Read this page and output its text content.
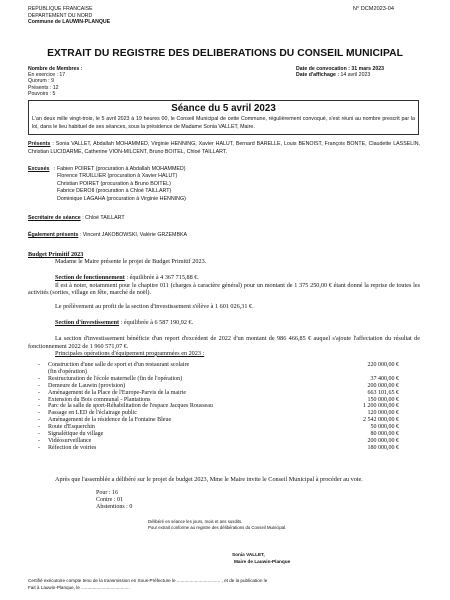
REPUBLIQUE FRANCAISE
DEPARTEMENT DU NORD
Commune de LAUWIN-PLANQUE
N° DCM2023-04
EXTRAIT DU REGISTRE DES DELIBERATIONS DU CONSEIL MUNICIPAL
Nombre de Membres :
En exercice : 17
Quorum : 9
Présents : 12
Pouvoirs : 5
Date de convocation : 31 mars 2023
Date d'affichage : 14 avril 2023
Séance du 5 avril 2023
L'an deux mille vingt-trois, le 5 avril 2023 à 19 heures 00, le Conseil Municipal de cette Commune, régulièrement convoqué, s'est réuni au nombre prescrit par la loi, dans le lieu habituel de ses séances, sous la présidence de Madame Sonia VALLET, Maire.
Présents : Sonia VALLET, Abdallah MOHAMMED, Virginie HENNING, Xavier HALUT, Bernard BARELLE, Louis BENOIST, François BONTE, Claudette LASSELIN, Christian LUCIDARME, Catherine VION-MILCENT, Bruno BOITEL, Chloé TAILLART.
Excusés : Fabien POIRET (procuration à Abdallah MOHAMMED)
Florence TRUILLIER (procuration à Xavier HALUT)
Christian POIRET (procuration à Bruno BOITEL)
Fabrice DEROII (procuration à Chloé TAILLART)
Dominique LAGAHA (procuration à Virginie HENNING)
Secrétaire de séance : Chloé TAILLART
Également présents : Vincent JAKOBOWSKI, Valérie GRZEMBKA
Budget Primitif 2023
Madame le Maire présente le projet de Budget Primitif 2023.
Section de fonctionnement : équilibrée à 4 367 715,88 €.
Il est à noter, notamment pour le chapitre 011 (charges à caractère général) pour un montant de 1 375 250,00 € étant donné la reprise de toutes les activités (sorties, village en fête, marché de noël).
Le prélèvement au profit de la section d'investissement s'élève à 1 601 026,31 €.
Section d'investissement : équilibrée à 6 587 190,92 €.
La section d'investissement bénéficie d'un report d'excédent de 2022 d'un montant de 986 466,85 € auquel s'ajoute l'affectation du résultat de fonctionnement 2022 de 1 960 571,07 €.
Principales opérations d'équipement programmées en 2023 :
-	Construction d'une salle de sport et d'un restaurant scolaire	220 000,00 €
(fin d'opération)
-	Restructuration de l'école maternelle (fin de l'opération)	37 400,00 €
-	Demeure de Lauwin (provision)	200 000,00 €
-	Aménagement de la Place de l'Europe-Parvis de la mairie	663 101,65 €
-	Extension du Bois communal - Plantations	150 000,00 €
-	Parc de la salle de sport-Réhabilitation de l'espace Jacques Rousseau	1 200 000,00 €
-	Passage en LED de l'éclairage public	120 000,00 €
-	Aménagement de la résidence de la Fontaine Bleue	2 542 000,00 €
-	Route d'Esquerchin	50 000,00 €
-	Signalétique du village	80 000,00 €
-	Vidéosurveillance	200 000,00 €
-	Réfection de voiries	180 000,00 €
Après que l'assemblée a délibéré sur le projet de budget 2023, Mme le Maire invite le Conseil Municipal à procéder au vote.
Pour : 16
Contre : 01
Abstentions : 0
Délibéré en séance les jours, mois et ans susdits.
Pour extrait conforme au registre des délibérations du Conseil Municipal.
Sonia VALLET,
Maire de Lauwin-Planque
Certifié exécutoire compte tenu de la transmission en Sous-Préfecture le .................................. , et de la publication le
Fait à Lauwin-Planque, le ......................................
